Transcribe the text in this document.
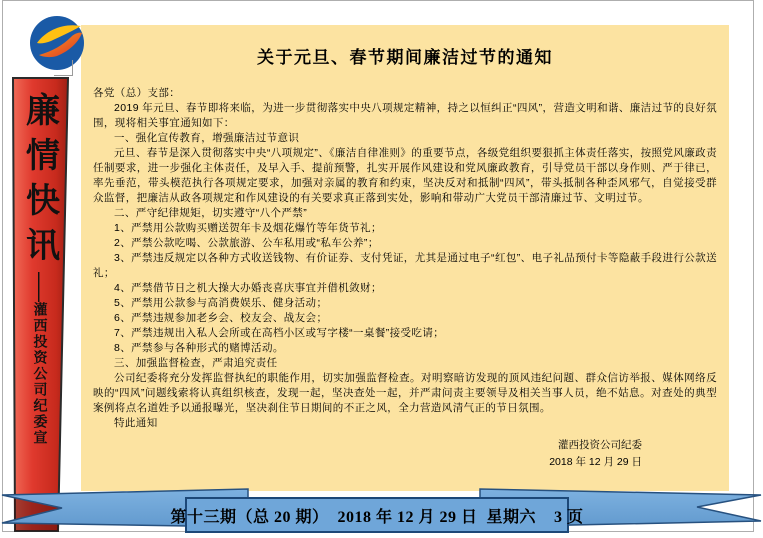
关于元旦、春节期间廉洁过节的通知

各党（总）支部：

2019 年元旦、春节即将来临，为进一步贯彻落实中央八项规定精神，持之以恒纠正“四风”，营造文明和谐、廉洁过节的良好氛围，现将相关事宜通知如下：

一、强化宣传教育，增强廉洁过节意识

元旦、春节是深入贯彻落实中央“八项规定”、《廉洁自律准则》的重要节点，各级党组织要狠抓主体责任落实，按照党风廉政责任制要求，进一步强化主体责任，及早入手、提前预警，扎实开展作风建设和党风廉政教育，引导党员干部以身作则、严于律已，率先垂范，带头模范执行各项规定要求，加强对亲属的教育和约束，坚决反对和抵制“四风”，带头抵制各种歪风邪气，自觉接受群众监督，把廉洁从政各项规定和作风建设的有关要求真正落到实处，影响和带动广大党员干部清廉过节、文明过节。

二、严守纪律规矩，切实遵守“八个严禁”

1、严禁用公款购买赠送贺年卡及烟花爆竹等年货节礼；

2、严禁公款吃喝、公款旅游、公车私用或“私车公养”；

3、严禁违反规定以各种方式收送钱物、有价证券、支付凭证，尤其是通过电子“红包”、电子礼品预付卡等隐蔽手段进行公款送礼；

4、严禁借节日之机大操大办婚丧喜庆事宜并借机敛财；

5、严禁用公款参与高消费娱乐、健身活动；

6、严禁违规参加老乡会、校友会、战友会；

7、严禁违规出入私人会所或在高档小区或写字楼“一桌餐”接受吃请；

8、严禁参与各种形式的赌博活动。

三、加强监督检查，严肃追究责任

公司纪委将充分发挥监督执纪的职能作用，切实加强监督检查。对明察暗访发现的顶风违纪问题、群众信访举报、媒体网络反映的“四风”问题线索将认真组织核查，发现一起，坚决查处一起，并严肃问责主要领导及相关当事人员，绝不姑息。对查处的典型案例将点名道姓予以通报曝光，坚决刹住节日期间的不正之风，全力营造风清气正的节日氛围。

特此通知

灌西投资公司纪委
2018 年 12 月 29 日
廉情快讯——灌西投资公司纪委宣
第十三期（总 20 期）  2018 年 12 月 29 日  星期六    3 页
